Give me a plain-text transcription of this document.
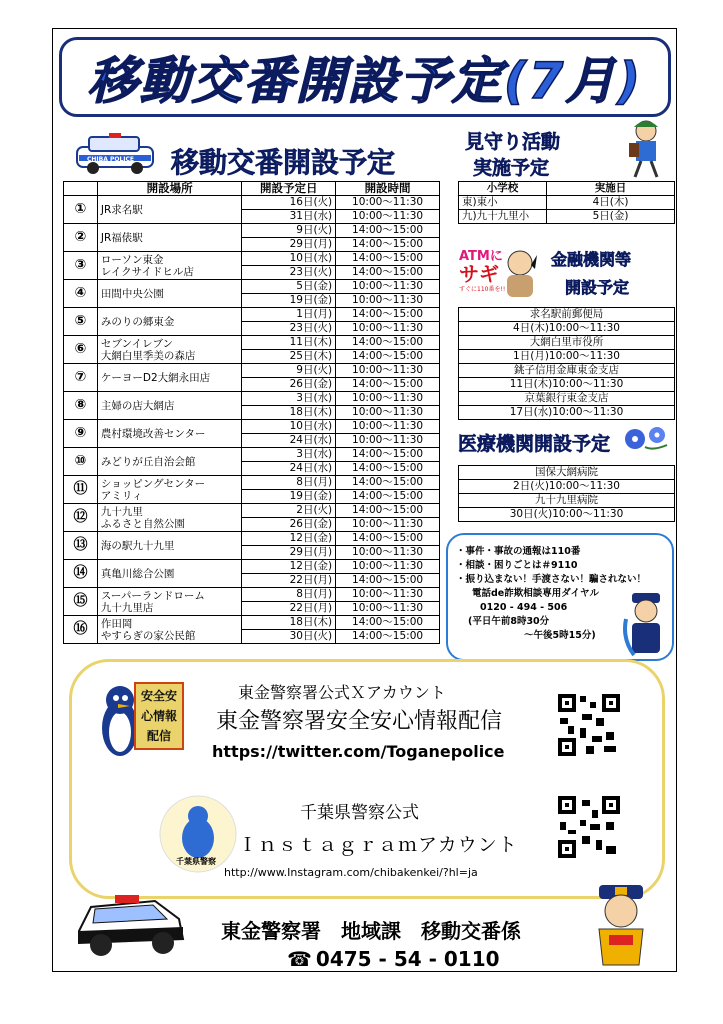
移動交番開設予定(7月)
CHIBA POLICE 移動交番開設予定
	開設場所	開設予定日	開設時間
①	JR求名駅	16日(火)	10:00〜11:30
		31日(水)	10:00〜11:30
②	JR福俵駅	9日(火)	14:00〜15:00
		29日(月)	14:00〜15:00
③	ローソン東金
レイクサイドヒル店	10日(水)	14:00〜15:00
		23日(火)	14:00〜15:00
④	田間中央公園	5日(金)	10:00〜11:30
		19日(金)	10:00〜11:30
⑤	みのりの郷東金	1日(月)	14:00〜15:00
		23日(火)	10:00〜11:30
⑥	セブンイレブン
大網白里季美の森店	11日(木)	14:00〜15:00
		25日(木)	14:00〜15:00
⑦	ケーヨーD2大網永田店	9日(火)	10:00〜11:30
		26日(金)	14:00〜15:00
⑧	主婦の店大網店	3日(水)	10:00〜11:30
		18日(木)	10:00〜11:30
⑨	農村環境改善センター	10日(水)	10:00〜11:30
		24日(水)	10:00〜11:30
⑩	みどりが丘自治会館	3日(水)	14:00〜15:00
		24日(水)	14:00〜15:00
⑪	ショッピングセンター
アミリィ	8日(月)	14:00〜15:00
		19日(金)	14:00〜15:00
⑫	九十九里
ふるさと自然公園	2日(火)	14:00〜15:00
		26日(金)	10:00〜11:30
⑬	海の駅九十九里	12日(金)	14:00〜15:00
		29日(月)	10:00〜11:30
⑭	真亀川総合公園	12日(金)	10:00〜11:30
		22日(月)	14:00〜15:00
⑮	スーパーランドローム
九十九里店	8日(月)	10:00〜11:30
		22日(月)	10:00〜11:30
⑯	作田岡
やすらぎの家公民館	18日(木)	14:00〜15:00
		30日(火)	14:00〜15:00
見守り活動
実施予定
小学校	実施日
東)東小	4日(木)
九)九十九里小	5日(金)
ATMに
サギ
すぐに110番を!!
金融機関等
開設予定
求名駅前郵便局
4日(木)10:00〜11:30
大網白里市役所
1日(月)10:00〜11:30
銚子信用金庫東金支店
11日(木)10:00〜11:30
京葉銀行東金支店
17日(水)10:00〜11:30
医療機関開設予定
国保大網病院
2日(火)10:00〜11:30
九十九里病院
30日(火)10:00〜11:30
・事件・事故の通報は110番
・相談・困りごとは＃9110
・振り込まない！手渡さない！騙されない！
電話de詐欺相談専用ダイヤル
0120 - 494 - 506
(平日午前8時30分
〜午後5時15分)
安全安心情報配信
東金警察署公式Ｘアカウント
東金警察署安全安心情報配信
https://twitter.com/Toganepolice
千葉県警察
千葉県警察公式
Ｉｎｓｔａｇｒａｍアカウント
http://www.Instagram.com/chibakenkei/?hl=ja
東金警察署　地域課　移動交番係
☎ 0475 - 54 - 0110
